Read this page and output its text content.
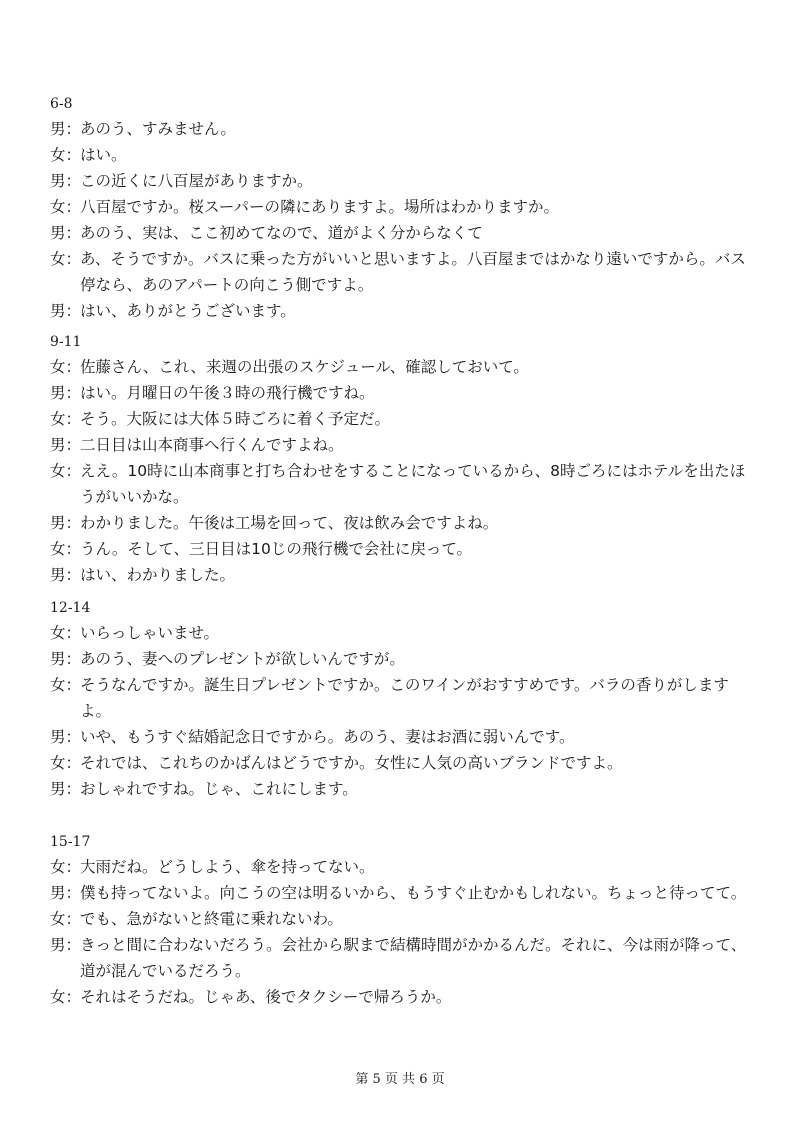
6-8
男：
あのう、すみません。
女：
はい。
男：
この近くに八百屋がありますか。
女：
八百屋ですか。桜スーパーの隣にありますよ。場所はわかりますか。
男：
あのう、実は、ここ初めてなので、道がよく分からなくて
女：
あ、そうですか。バスに乗った方がいいと思いますよ。八百屋まではかなり遠いですから。バス停なら、あのアパートの向こう側ですよ。
男：
はい、ありがとうございます。
9-11
女：
佐藤さん、これ、来週の出張のスケジュール、確認しておいて。
男：
はい。月曜日の午後３時の飛行機ですね。
女：
そう。大阪には大体５時ごろに着く予定だ。
男：
二日目は山本商事へ行くんですよね。
女：
ええ。10時に山本商事と打ち合わせをすることになっているから、8時ごろにはホテルを出たほうがいいかな。
男：
わかりました。午後は工場を回って、夜は飲み会ですよね。
女：
うん。そして、三日目は10じの飛行機で会社に戻って。
男：
はい、わかりました。
12-14
女：
いらっしゃいませ。
男：
あのう、妻へのプレゼントが欲しいんですが。
女：
そうなんですか。誕生日プレゼントですか。このワインがおすすめです。バラの香りがしますよ。
男：
いや、もうすぐ結婚記念日ですから。あのう、妻はお酒に弱いんです。
女：
それでは、これちのかばんはどうですか。女性に人気の高いブランドですよ。
男：
おしゃれですね。じゃ、これにします。
15-17
女：
大雨だね。どうしよう、傘を持ってない。
男：
僕も持ってないよ。向こうの空は明るいから、もうすぐ止むかもしれない。ちょっと待ってて。
女：
でも、急がないと終電に乗れないわ。
男：
きっと間に合わないだろう。会社から駅まで結構時間がかかるんだ。それに、今は雨が降って、道が混んでいるだろう。
女：
それはそうだね。じゃあ、後でタクシーで帰ろうか。
第 5 页 共 6 页
